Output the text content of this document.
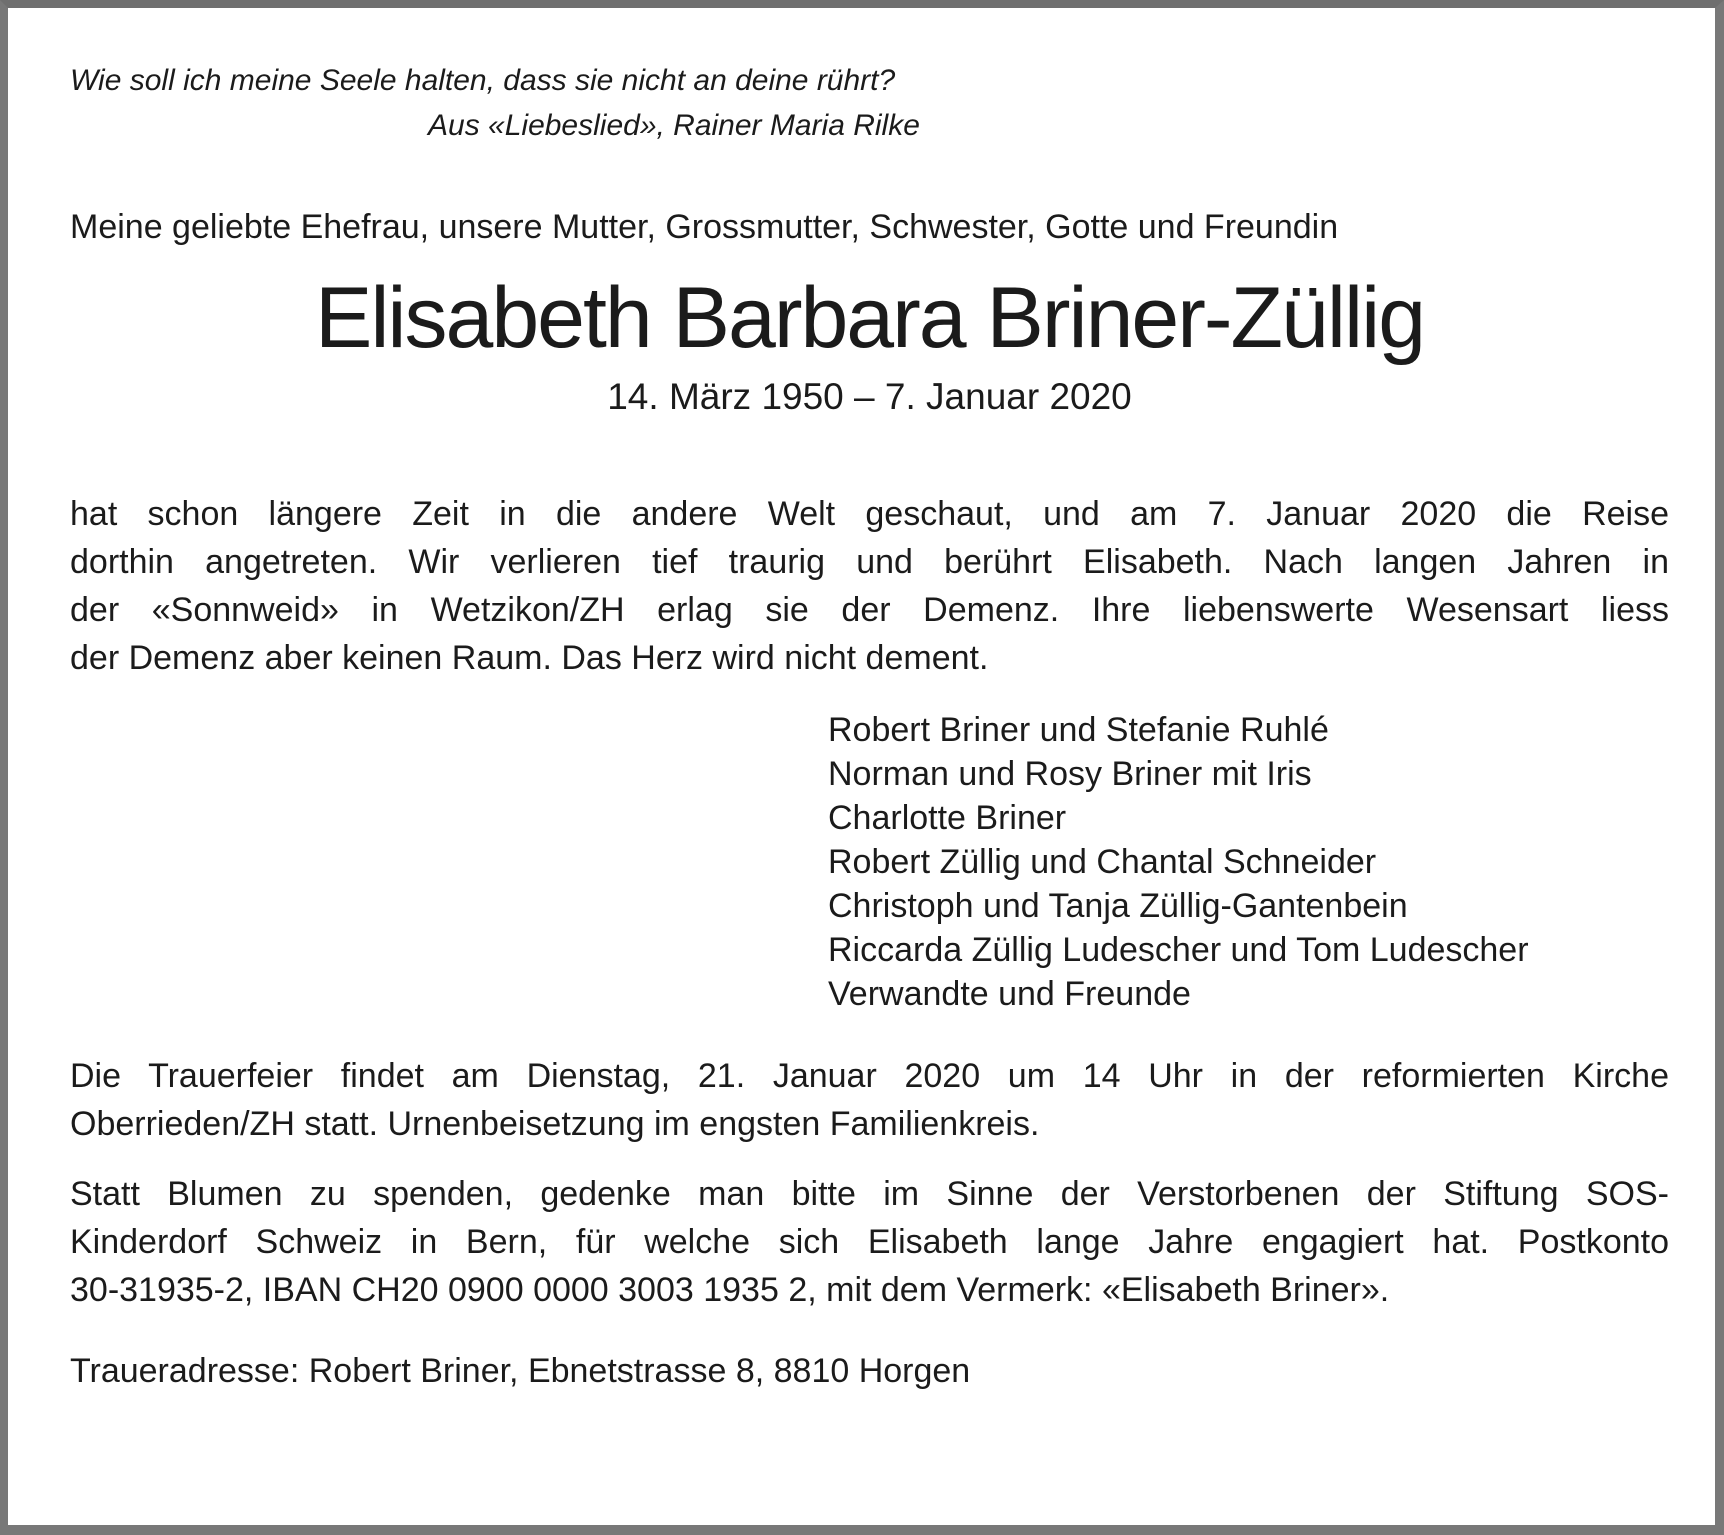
Wie soll ich meine Seele halten, dass sie nicht an deine rührt?
Aus «Liebeslied», Rainer Maria Rilke
Meine geliebte Ehefrau, unsere Mutter, Grossmutter, Schwester, Gotte und Freundin
Elisabeth Barbara Briner-Züllig
14. März 1950 – 7. Januar 2020
hat schon längere Zeit in die andere Welt geschaut, und am 7. Januar 2020 die Reise
dorthin angetreten. Wir verlieren tief traurig und berührt Elisabeth. Nach langen Jahren in
der «Sonnweid» in Wetzikon/ZH erlag sie der Demenz. Ihre liebenswerte Wesensart liess
der Demenz aber keinen Raum. Das Herz wird nicht dement.
Robert Briner und Stefanie Ruhlé
Norman und Rosy Briner mit Iris
Charlotte Briner
Robert Züllig und Chantal Schneider
Christoph und Tanja Züllig-Gantenbein
Riccarda Züllig Ludescher und Tom Ludescher
Verwandte und Freunde
Die Trauerfeier findet am Dienstag, 21. Januar 2020 um 14 Uhr in der reformierten Kirche
Oberrieden/ZH statt. Urnenbeisetzung im engsten Familienkreis.
Statt Blumen zu spenden, gedenke man bitte im Sinne der Verstorbenen der Stiftung SOS-
Kinderdorf Schweiz in Bern, für welche sich Elisabeth lange Jahre engagiert hat. Postkonto
30-31935-2, IBAN CH20 0900 0000 3003 1935 2, mit dem Vermerk: «Elisabeth Briner».
Traueradresse: Robert Briner, Ebnetstrasse 8, 8810 Horgen
